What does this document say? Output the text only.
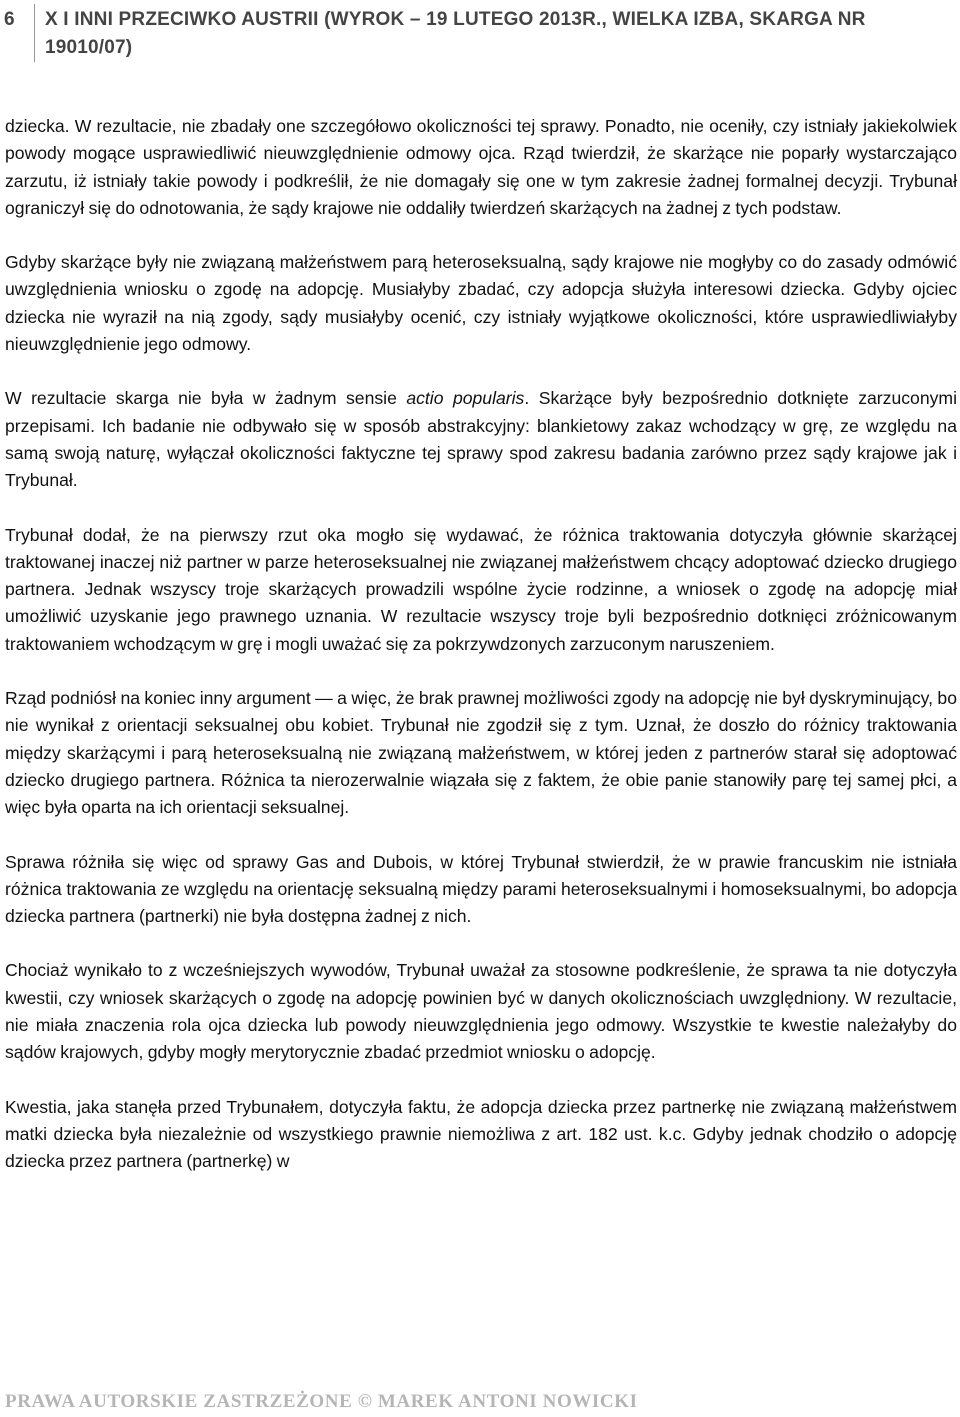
6	X I INNI PRZECIWKO AUSTRII (WYROK – 19 LUTEGO 2013R., WIELKA IZBA, SKARGA NR 19010/07)

dziecka. W rezultacie, nie zbadały one szczegółowo okoliczności tej sprawy. Ponadto, nie oceniły, czy istniały jakiekolwiek powody mogące usprawiedliwić nieuwzględnienie odmowy ojca. Rząd twierdził, że skarżące nie poparły wystarczająco zarzutu, iż istniały takie powody i podkreślił, że nie domagały się one w tym zakresie żadnej formalnej decyzji. Trybunał ograniczył się do odnotowania, że sądy krajowe nie oddaliły twierdzeń skarżących na żadnej z tych podstaw.

Gdyby skarżące były nie związaną małżeństwem parą heteroseksualną, sądy krajowe nie mogłyby co do zasady odmówić uwzględnienia wniosku o zgodę na adopcję. Musiałyby zbadać, czy adopcja służyła interesowi dziecka. Gdyby ojciec dziecka nie wyraził na nią zgody, sądy musiałyby ocenić, czy istniały wyjątkowe okoliczności, które usprawiedliwiałyby nieuwzględnienie jego odmowy.

W rezultacie skarga nie była w żadnym sensie actio popularis. Skarżące były bezpośrednio dotknięte zarzuconymi przepisami. Ich badanie nie odbywało się w sposób abstrakcyjny: blankietowy zakaz wchodzący w grę, ze względu na samą swoją naturę, wyłączał okoliczności faktyczne tej sprawy spod zakresu badania zarówno przez sądy krajowe jak i Trybunał.

Trybunał dodał, że na pierwszy rzut oka mogło się wydawać, że różnica traktowania dotyczyła głównie skarżącej traktowanej inaczej niż partner w parze heteroseksualnej nie związanej małżeństwem chcący adoptować dziecko drugiego partnera. Jednak wszyscy troje skarżących prowadzili wspólne życie rodzinne, a wniosek o zgodę na adopcję miał umożliwić uzyskanie jego prawnego uznania. W rezultacie wszyscy troje byli bezpośrednio dotknięci zróżnicowanym traktowaniem wchodzącym w grę i mogli uważać się za pokrzywdzonych zarzuconym naruszeniem.

Rząd podniósł na koniec inny argument — a więc, że brak prawnej możliwości zgody na adopcję nie był dyskryminujący, bo nie wynikał z orientacji seksualnej obu kobiet. Trybunał nie zgodził się z tym. Uznał, że doszło do różnicy traktowania między skarżącymi i parą heteroseksualną nie związaną małżeństwem, w której jeden z partnerów starał się adoptować dziecko drugiego partnera. Różnica ta nierozerwalnie wiązała się z faktem, że obie panie stanowiły parę tej samej płci, a więc była oparta na ich orientacji seksualnej.

Sprawa różniła się więc od sprawy Gas and Dubois, w której Trybunał stwierdził, że w prawie francuskim nie istniała różnica traktowania ze względu na orientację seksualną między parami heteroseksualnymi i homoseksualnymi, bo adopcja dziecka partnera (partnerki) nie była dostępna żadnej z nich.

Chociaż wynikało to z wcześniejszych wywodów, Trybunał uważał za stosowne podkreślenie, że sprawa ta nie dotyczyła kwestii, czy wniosek skarżących o zgodę na adopcję powinien być w danych okolicznościach uwzględniony. W rezultacie, nie miała znaczenia rola ojca dziecka lub powody nieuwzględnienia jego odmowy. Wszystkie te kwestie należałyby do sądów krajowych, gdyby mogły merytorycznie zbadać przedmiot wniosku o adopcję.

Kwestia, jaka stanęła przed Trybunałem, dotyczyła faktu, że adopcja dziecka przez partnerkę nie związaną małżeństwem matki dziecka była niezależnie od wszystkiego prawnie niemożliwa z art. 182 ust. k.c. Gdyby jednak chodziło o adopcję dziecka przez partnera (partnerkę) w

PRAWA AUTORSKIE ZASTRZEŻONE © MAREK ANTONI NOWICKI
